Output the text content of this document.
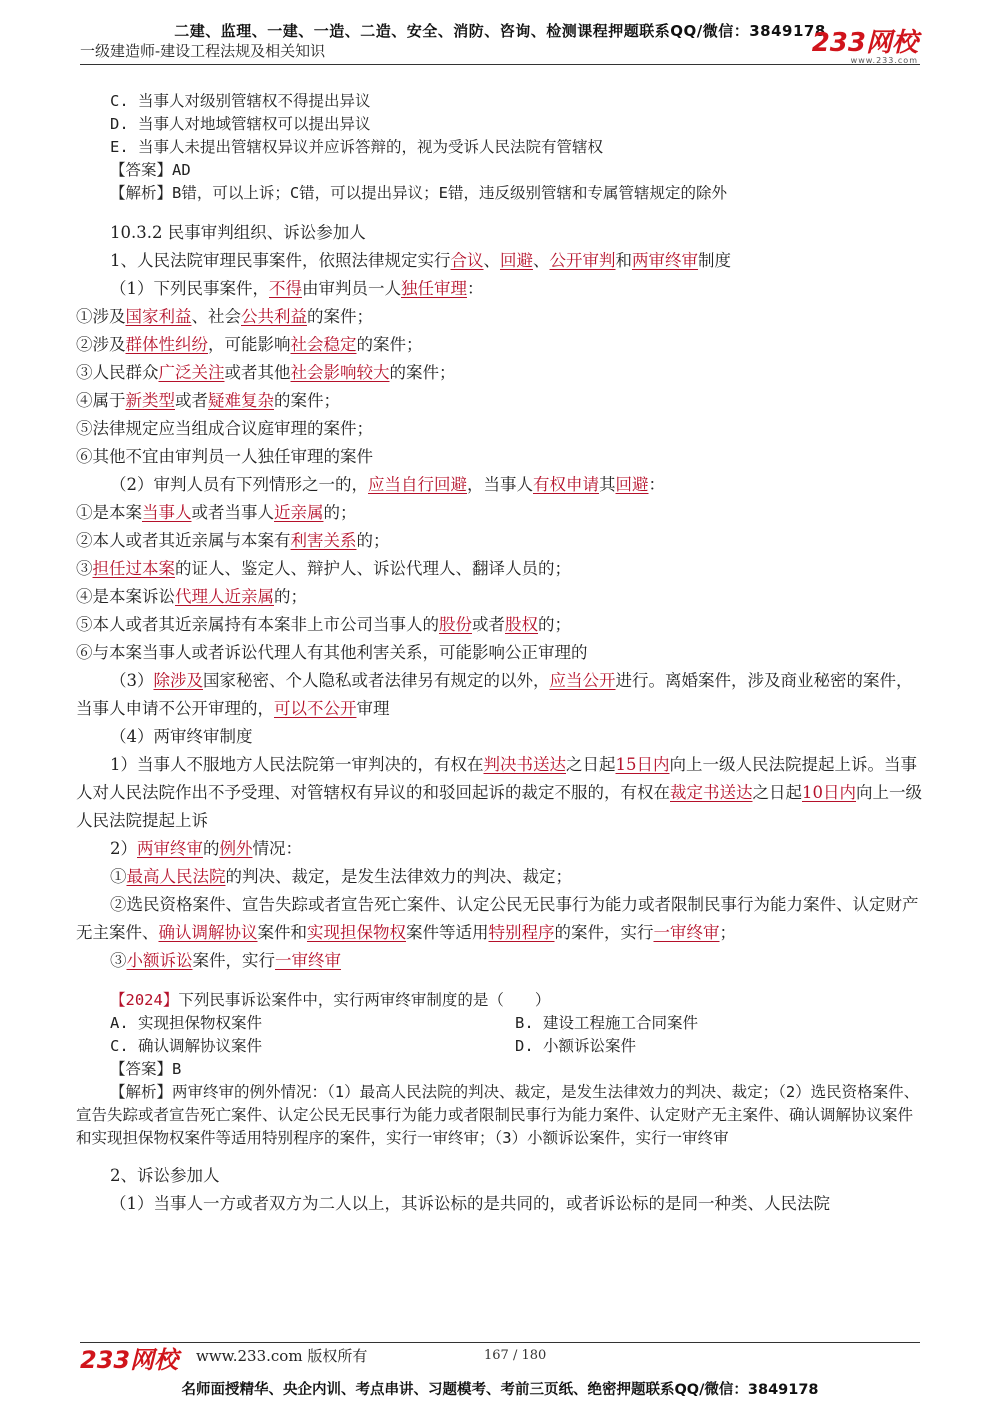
二建、监理、一建、一造、二造、安全、消防、咨询、检测课程押题联系QQ/微信：3849178
一级建造师-建设工程法规及相关知识	233网校
www.233.com
C. 当事人对级别管辖权不得提出异议
D. 当事人对地域管辖权可以提出异议
E. 当事人未提出管辖权异议并应诉答辩的，视为受诉人民法院有管辖权
【答案】AD
【解析】B错，可以上诉；C错，可以提出异议；E错，违反级别管辖和专属管辖规定的除外
10.3.2 民事审判组织、诉讼参加人
1、人民法院审理民事案件，依照法律规定实行合议、回避、公开审判和两审终审制度
（1）下列民事案件，不得由审判员一人独任审理：
①涉及国家利益、社会公共利益的案件；
②涉及群体性纠纷，可能影响社会稳定的案件；
③人民群众广泛关注或者其他社会影响较大的案件；
④属于新类型或者疑难复杂的案件；
⑤法律规定应当组成合议庭审理的案件；
⑥其他不宜由审判员一人独任审理的案件
（2）审判人员有下列情形之一的，应当自行回避，当事人有权申请其回避：
①是本案当事人或者当事人近亲属的；
②本人或者其近亲属与本案有利害关系的；
③担任过本案的证人、鉴定人、辩护人、诉讼代理人、翻译人员的；
④是本案诉讼代理人近亲属的；
⑤本人或者其近亲属持有本案非上市公司当事人的股份或者股权的；
⑥与本案当事人或者诉讼代理人有其他利害关系，可能影响公正审理的
（3）除涉及国家秘密、个人隐私或者法律另有规定的以外，应当公开进行。离婚案件，涉及商业秘密的案件，当事人申请不公开审理的，可以不公开审理
（4）两审终审制度
1）当事人不服地方人民法院第一审判决的，有权在判决书送达之日起15日内向上一级人民法院提起上诉。当事人对人民法院作出不予受理、对管辖权有异议的和驳回起诉的裁定不服的，有权在裁定书送达之日起10日内向上一级人民法院提起上诉
2）两审终审的例外情况：
①最高人民法院的判决、裁定，是发生法律效力的判决、裁定；
②选民资格案件、宣告失踪或者宣告死亡案件、认定公民无民事行为能力或者限制民事行为能力案件、认定财产无主案件、确认调解协议案件和实现担保物权案件等适用特别程序的案件，实行一审终审；
③小额诉讼案件，实行一审终审
【2024】下列民事诉讼案件中，实行两审终审制度的是（　　）
A. 实现担保物权案件	B. 建设工程施工合同案件
C. 确认调解协议案件	D. 小额诉讼案件
【答案】B
【解析】两审终审的例外情况：（1）最高人民法院的判决、裁定，是发生法律效力的判决、裁定；（2）选民资格案件、宣告失踪或者宣告死亡案件、认定公民无民事行为能力或者限制民事行为能力案件、认定财产无主案件、确认调解协议案件和实现担保物权案件等适用特别程序的案件，实行一审终审；（3）小额诉讼案件，实行一审终审
2、诉讼参加人
（1）当事人一方或者双方为二人以上，其诉讼标的是共同的，或者诉讼标的是同一种类、人民法院
233网校 www.233.com 版权所有	167 / 180
名师面授精华、央企内训、考点串讲、习题模考、考前三页纸、绝密押题联系QQ/微信：3849178
